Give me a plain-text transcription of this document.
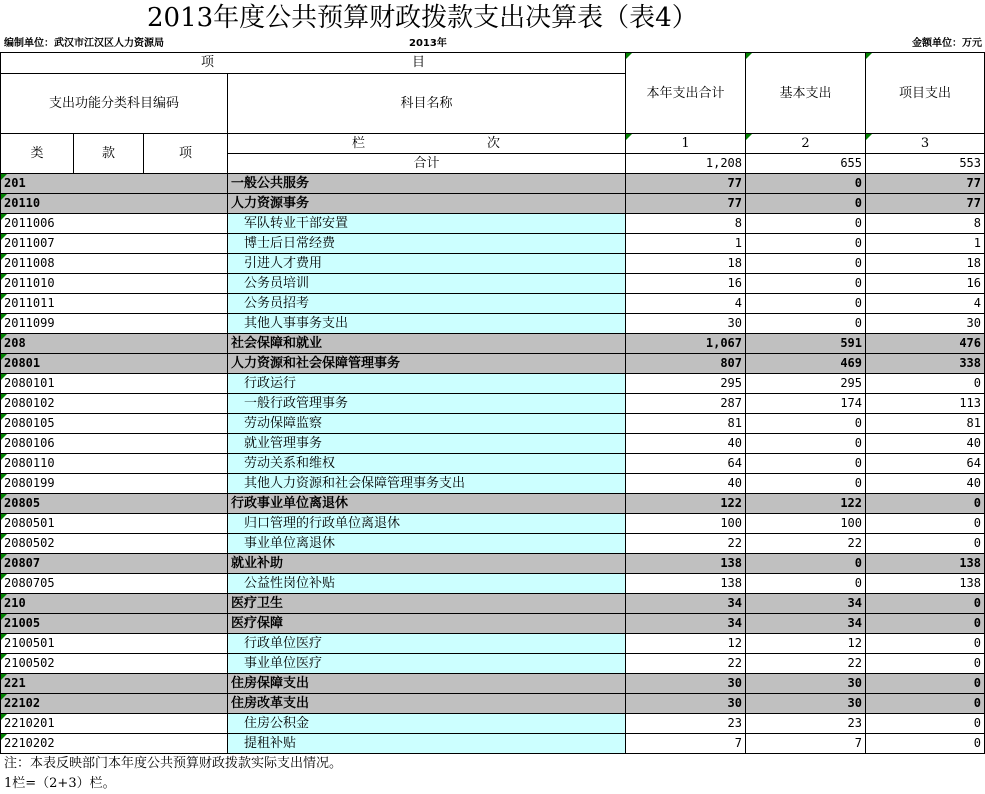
2013年度公共预算财政拨款支出决算表（表4）
编制单位：武汉市江汉区人力资源局	2013年	金额单位：万元
项 目				本年支出合计	基本支出	项目支出
支出功能分类科目编码			科目名称			
类	款	项	栏 次	1	2	3
			合计	1,208	655	553
201			一般公共服务	77	0	77
20110			人力资源事务	77	0	77
2011006			军队转业干部安置	8	0	8
2011007			博士后日常经费	1	0	1
2011008			引进人才费用	18	0	18
2011010			公务员培训	16	0	16
2011011			公务员招考	4	0	4
2011099			其他人事事务支出	30	0	30
208			社会保障和就业	1,067	591	476
20801			人力资源和社会保障管理事务	807	469	338
2080101			行政运行	295	295	0
2080102			一般行政管理事务	287	174	113
2080105			劳动保障监察	81	0	81
2080106			就业管理事务	40	0	40
2080110			劳动关系和维权	64	0	64
2080199			其他人力资源和社会保障管理事务支出	40	0	40
20805			行政事业单位离退休	122	122	0
2080501			归口管理的行政单位离退休	100	100	0
2080502			事业单位离退休	22	22	0
20807			就业补助	138	0	138
2080705			公益性岗位补贴	138	0	138
210			医疗卫生	34	34	0
21005			医疗保障	34	34	0
2100501			行政单位医疗	12	12	0
2100502			事业单位医疗	22	22	0
221			住房保障支出	30	30	0
22102			住房改革支出	30	30	0
2210201			住房公积金	23	23	0
2210202			提租补贴	7	7	0
注：本表反映部门本年度公共预算财政拨款实际支出情况。
1栏=（2+3）栏。
